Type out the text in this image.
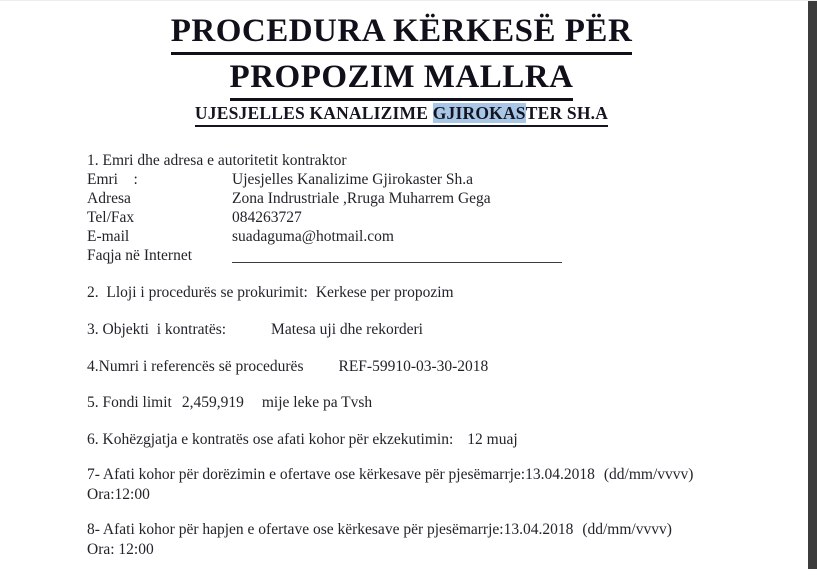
PROCEDURA KËRKESË PËR
PROPOZIM MALLRA
UJESJELLES KANALIZIME GJIROKASTER SH.A
1. Emri dhe adresa e autoritetit kontraktor
Emri    :	Ujesjelles Kanalizime Gjirokaster Sh.a
Adresa	Zona Indrustriale ,Rruga Muharrem Gega
Tel/Fax	084263727
E-mail	suadaguma@hotmail.com
Faqja në Internet
2.  Lloji i procedurës se prokurimit: Kerkese per propozim
3. Objekti  i kontratës:	Matesa uji dhe rekorderi
4.Numri i referencës së procedurës REF-59910-03-30-2018
5. Fondi limit 2,459,919 mije leke pa Tvsh
6. Kohëzgjatja e kontratës ose afati kohor për ekzekutimin: 12 muaj
7- Afati kohor për dorëzimin e ofertave ose kërkesave për pjesëmarrje:13.04.2018 (dd/mm/vvvv)
Ora:12:00
8- Afati kohor për hapjen e ofertave ose kërkesave për pjesëmarrje:13.04.2018 (dd/mm/vvvv)
Ora: 12:00
